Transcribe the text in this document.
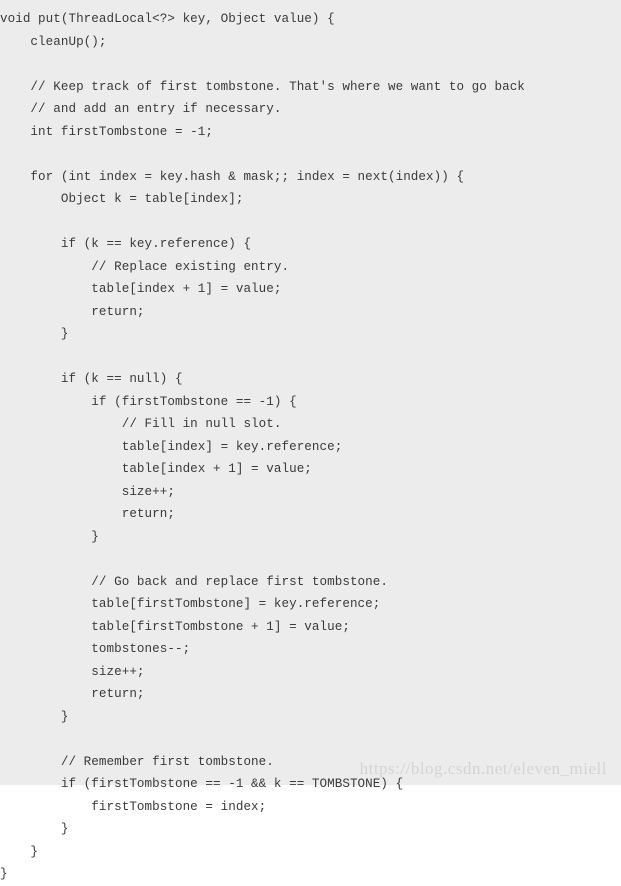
void put(ThreadLocal<?> key, Object value) {
cleanUp();
// Keep track of first tombstone. That's where we want to go back
// and add an entry if necessary.
int firstTombstone = -1;
for (int index = key.hash & mask;; index = next(index)) {
Object k = table[index];
if (k == key.reference) {
// Replace existing entry.
table[index + 1] = value;
return;
}
if (k == null) {
if (firstTombstone == -1) {
// Fill in null slot.
table[index] = key.reference;
table[index + 1] = value;
size++;
return;
}
// Go back and replace first tombstone.
table[firstTombstone] = key.reference;
table[firstTombstone + 1] = value;
tombstones--;
size++;
return;
}
// Remember first tombstone.
if (firstTombstone == -1 && k == TOMBSTONE) {
firstTombstone = index;
}
}
}
https://blog.csdn.net/eleven_miell
